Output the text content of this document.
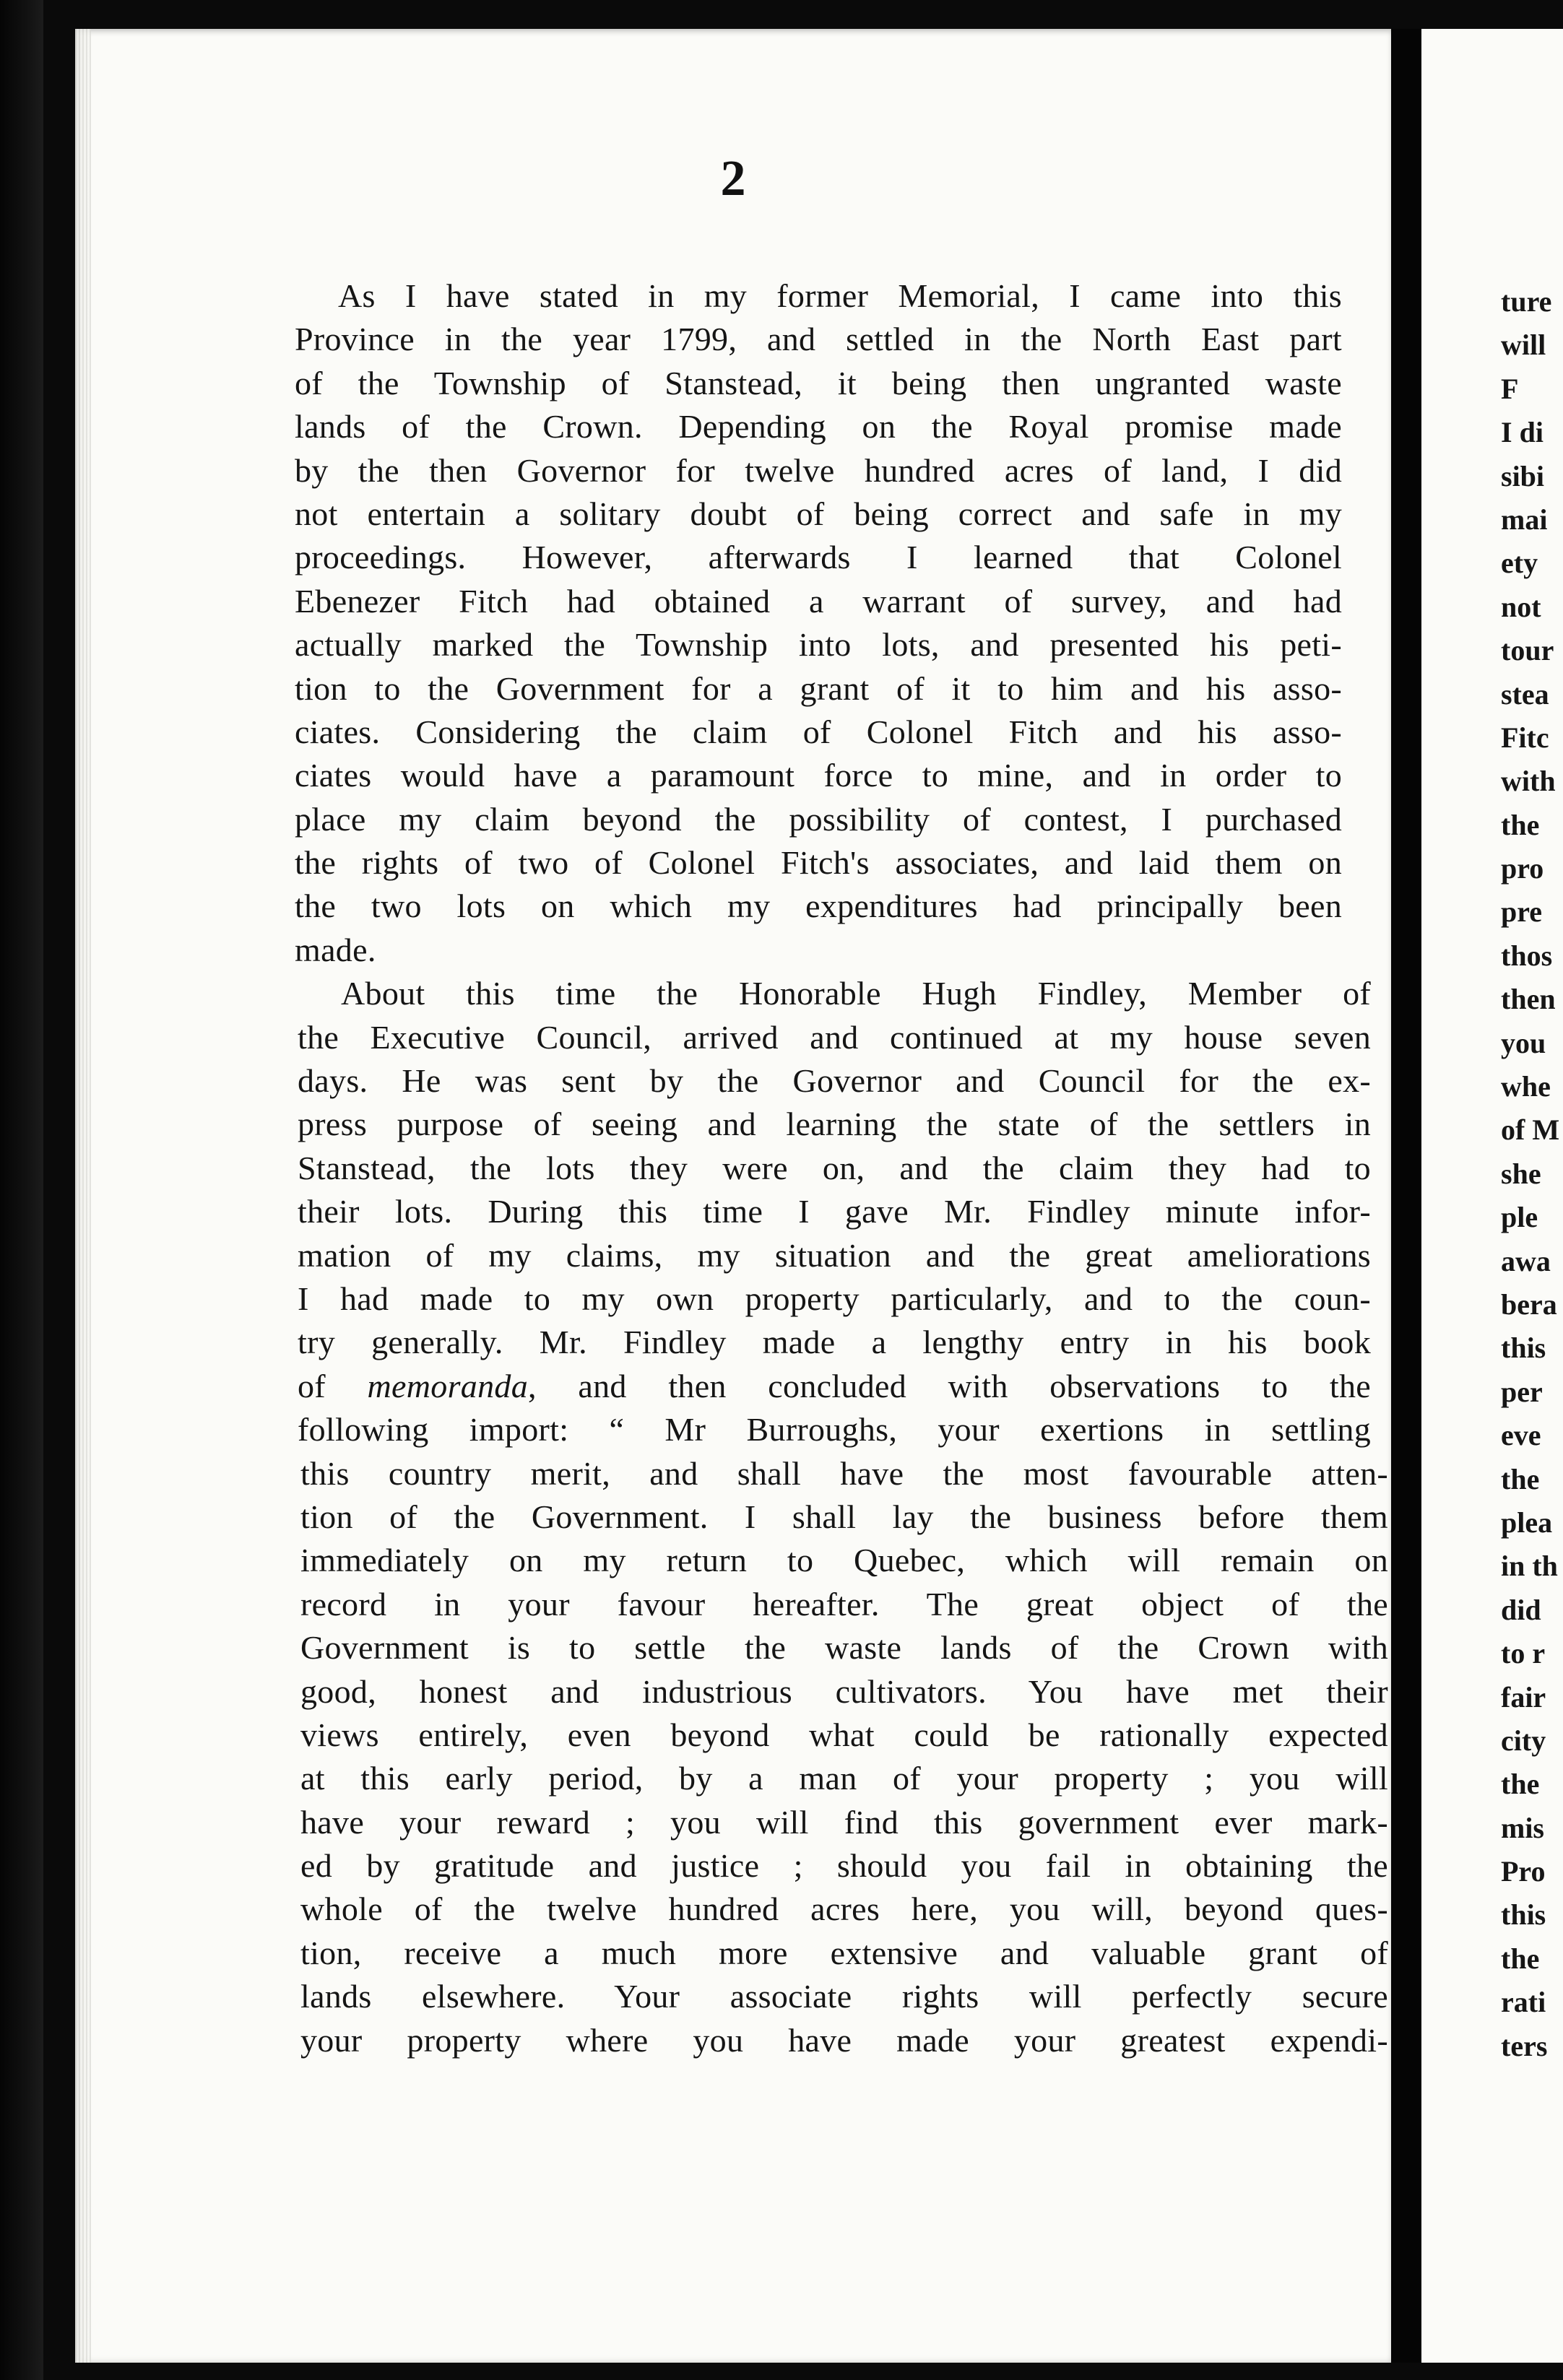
2
As I have stated in my former Memorial, I came into this
Province in the year 1799, and settled in the North East part
of the Township of Stanstead, it being then ungranted waste
lands of the Crown. Depending on the Royal promise made
by the then Governor for twelve hundred acres of land, I did
not entertain a solitary doubt of being correct and safe in my
proceedings. However, afterwards I learned that Colonel
Ebenezer Fitch had obtained a warrant of survey, and had
actually marked the Township into lots, and presented his peti-
tion to the Government for a grant of it to him and his asso-
ciates. Considering the claim of Colonel Fitch and his asso-
ciates would have a paramount force to mine, and in order to
place my claim beyond the possibility of contest, I purchased
the rights of two of Colonel Fitch's associates, and laid them on
the two lots on which my expenditures had principally been
made.
About this time the Honorable Hugh Findley, Member of
the Executive Council, arrived and continued at my house seven
days. He was sent by the Governor and Council for the ex-
press purpose of seeing and learning the state of the settlers in
Stanstead, the lots they were on, and the claim they had to
their lots. During this time I gave Mr. Findley minute infor-
mation of my claims, my situation and the great ameliorations
I had made to my own property particularly, and to the coun-
try generally. Mr. Findley made a lengthy entry in his book
of memoranda, and then concluded with observations to the
following import: “ Mr Burroughs, your exertions in settling
this country merit, and shall have the most favourable atten-
tion of the Government. I shall lay the business before them
immediately on my return to Quebec, which will remain on
record in your favour hereafter. The great object of the
Government is to settle the waste lands of the Crown with
good, honest and industrious cultivators. You have met their
views entirely, even beyond what could be rationally expected
at this early period, by a man of your property ; you will
have your reward ; you will find this government ever mark-
ed by gratitude and justice ; should you fail in obtaining the
whole of the twelve hundred acres here, you will, beyond ques-
tion, receive a much more extensive and valuable grant of
lands elsewhere. Your associate rights will perfectly secure
your property where you have made your greatest expendi-
ture
will
F
I di
sibi
mai
ety
not
tour
stea
Fitc
with
the
pro
pre
thos
then
you
whe
of M
she
ple
awa
bera
this
per
eve
the
plea
in th
did
to r
fair
city
the
mis
Pro
this
the
rati
ters
